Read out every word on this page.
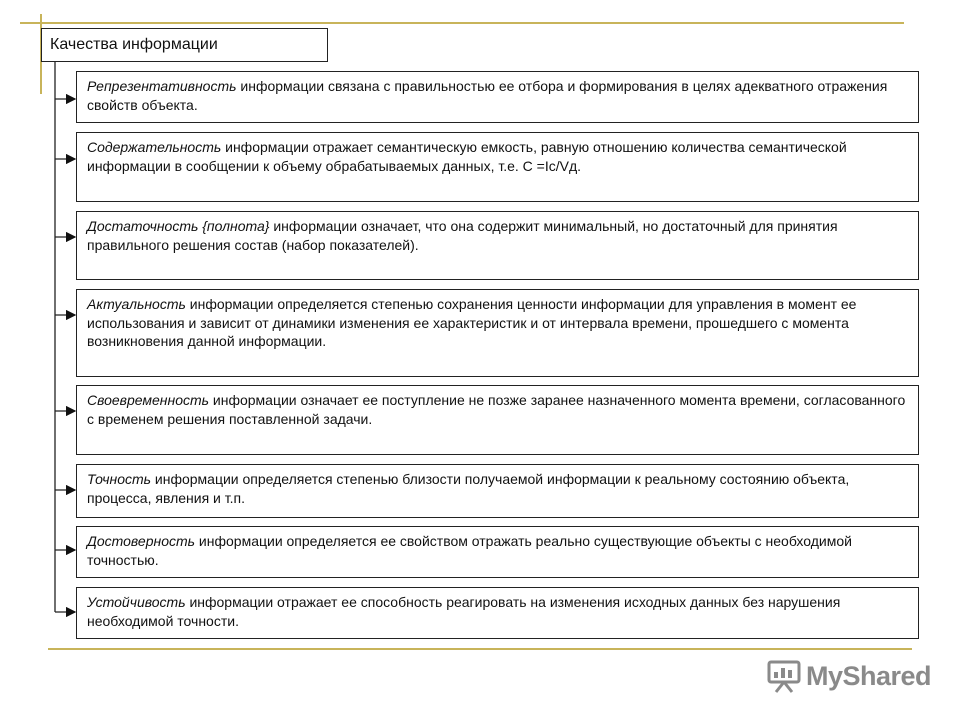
Качества информации
Репрезентативность информации связана с правильностью ее отбора и формирования в целях адекватного отражения свойств объекта.
Содержательность информации отражает семантическую емкость, равную отношению количества семантической информации в сообщении к объему обрабатываемых данных, т.е. С =Ic/Vд.
Достаточность {полнота} информации означает, что она содержит минимальный, но достаточный для принятия правильного решения состав (набор показателей).
Актуальность информации определяется степенью сохранения ценности информации для управления в момент ее использования и зависит от динамики изменения ее характеристик и от интервала времени, прошедшего с момента возникновения данной информации.
Своевременность информации означает ее поступление не позже заранее назначенного момента времени, согласованного с временем решения поставленной задачи.
Точность информации определяется степенью близости получаемой информации к реальному состоянию объекта, процесса, явления и т.п.
Достоверность информации определяется ее свойством отражать реально существующие объекты с необходимой точностью.
Устойчивость информации отражает ее способность реагировать на изменения исходных данных без нарушения необходимой точности.
MyShared
